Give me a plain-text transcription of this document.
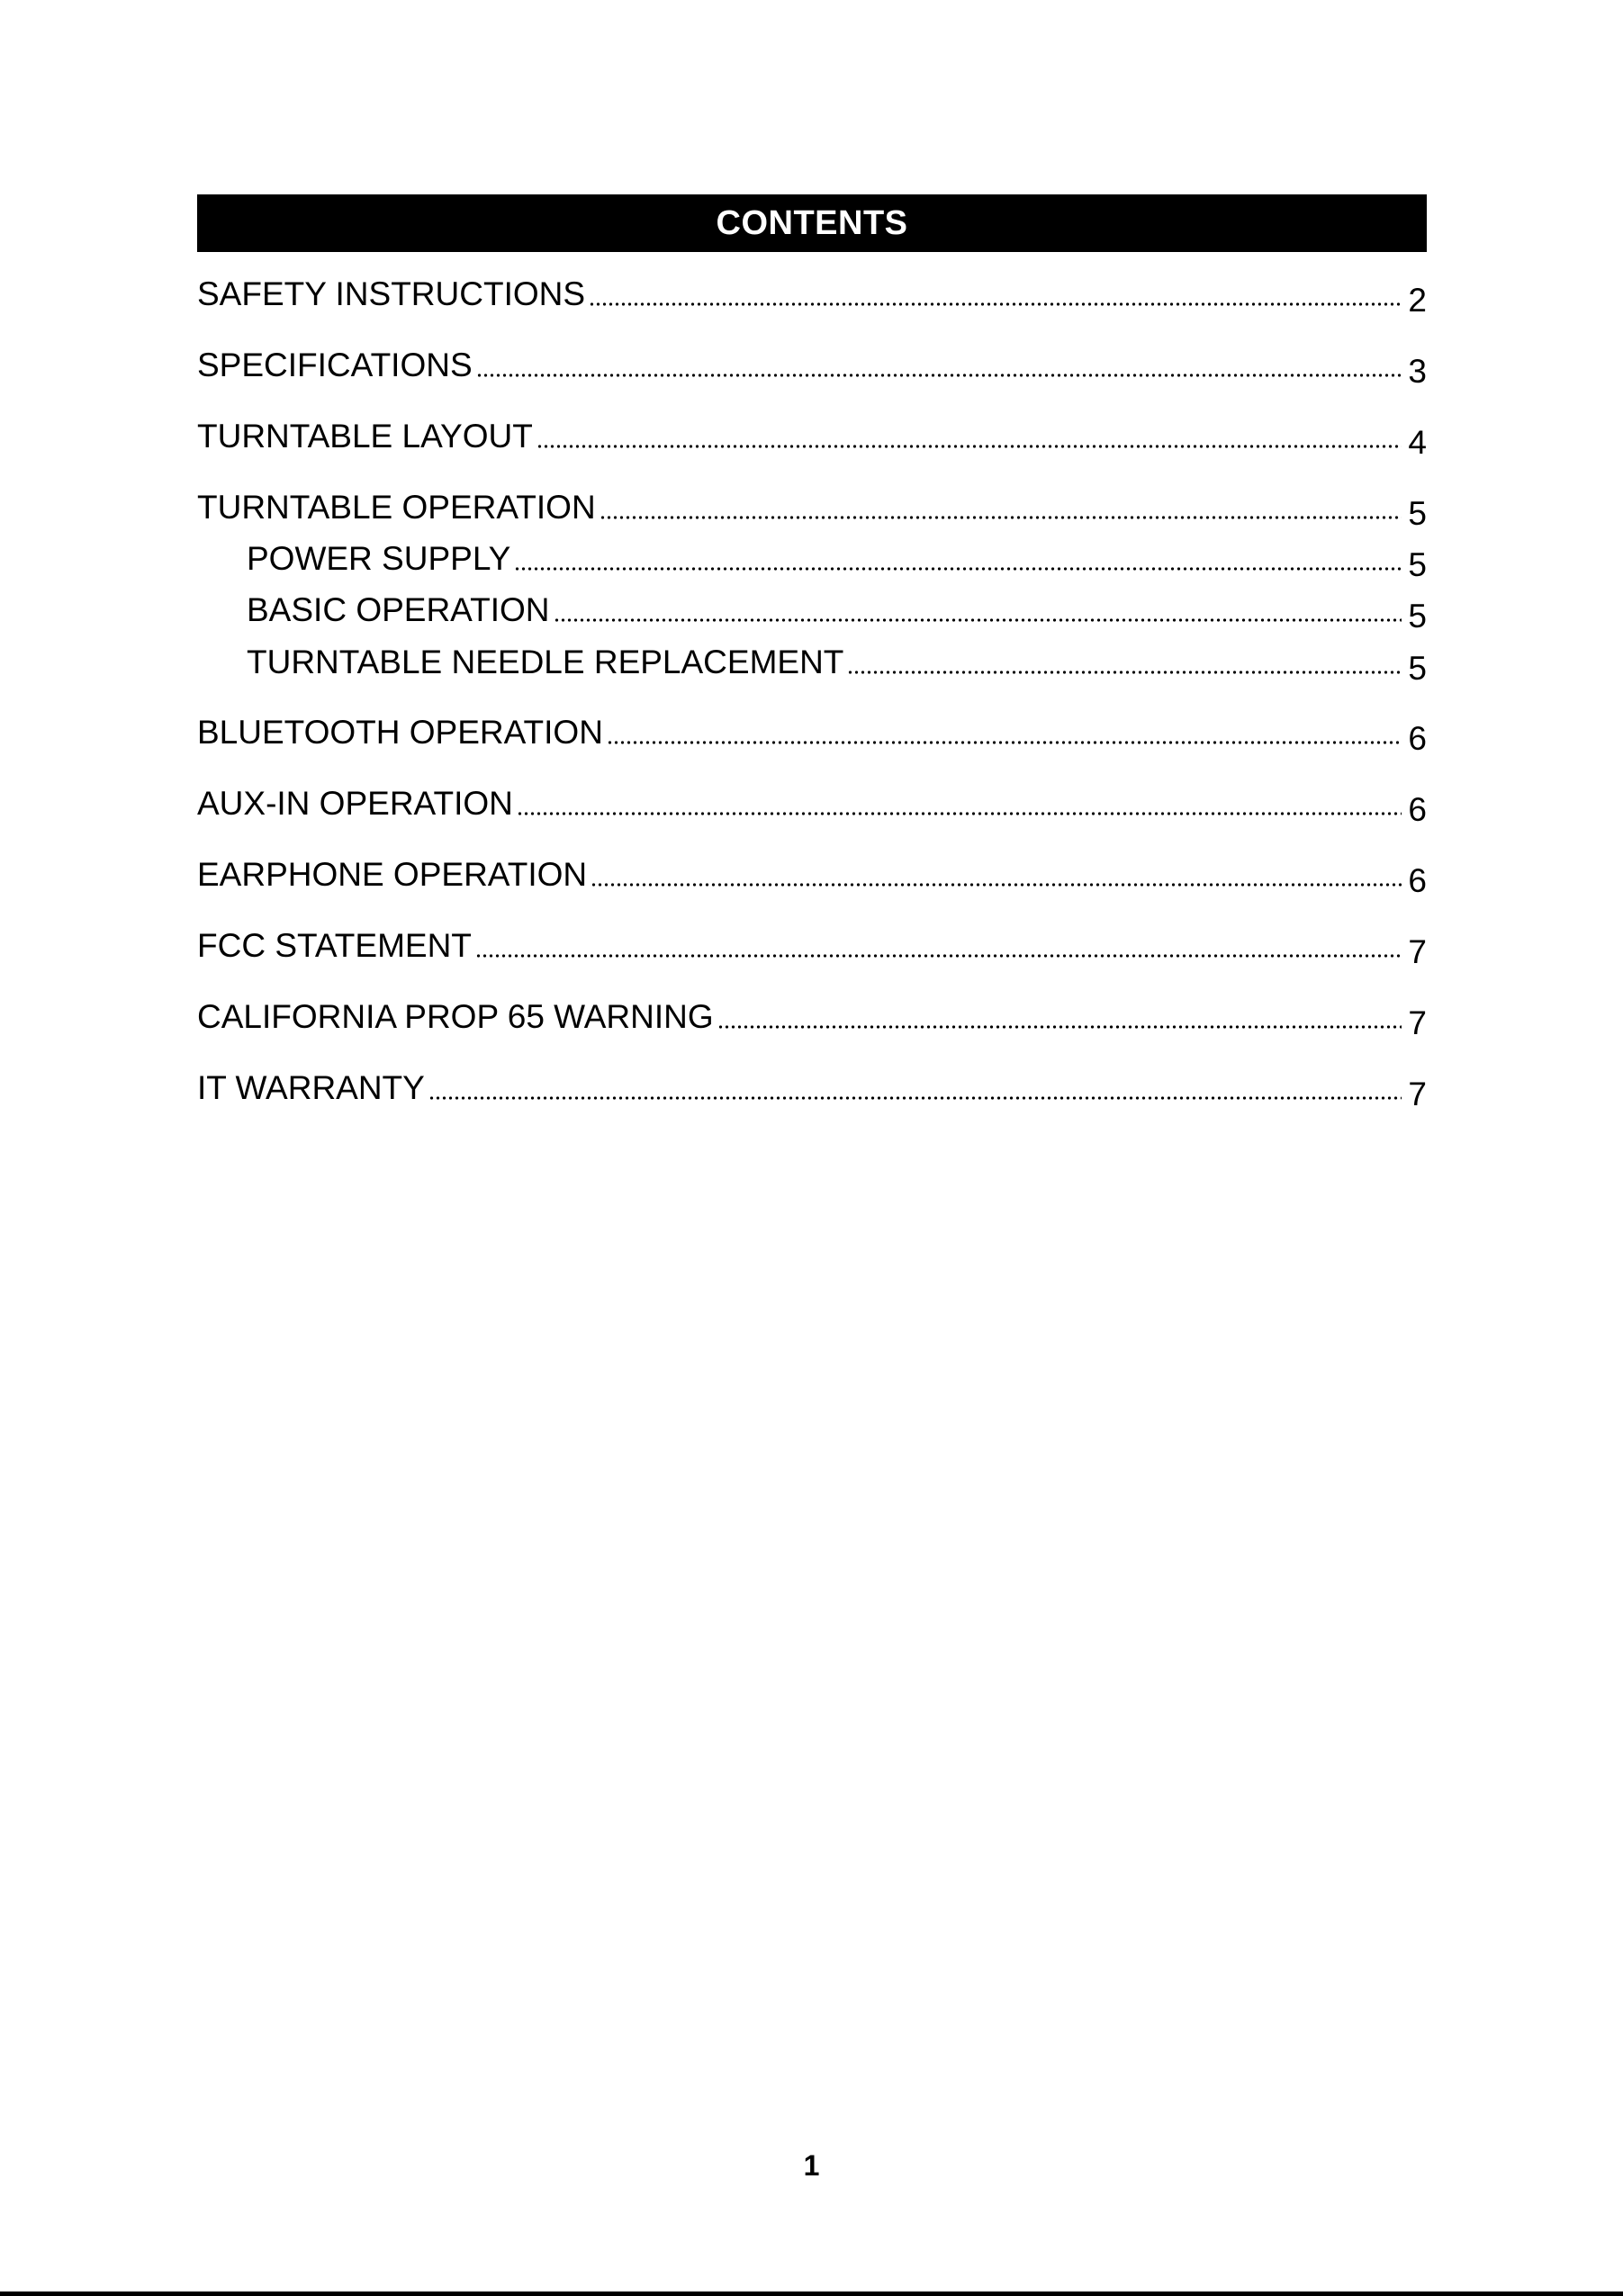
CONTENTS
SAFETY INSTRUCTIONS	2
SPECIFICATIONS	3
TURNTABLE LAYOUT	4
TURNTABLE OPERATION	5
POWER SUPPLY	5
BASIC OPERATION	5
TURNTABLE NEEDLE REPLACEMENT	5
BLUETOOTH OPERATION	6
AUX-IN OPERATION	6
EARPHONE OPERATION	6
FCC STATEMENT	7
CALIFORNIA PROP 65 WARNING	7
IT WARRANTY	7
1
